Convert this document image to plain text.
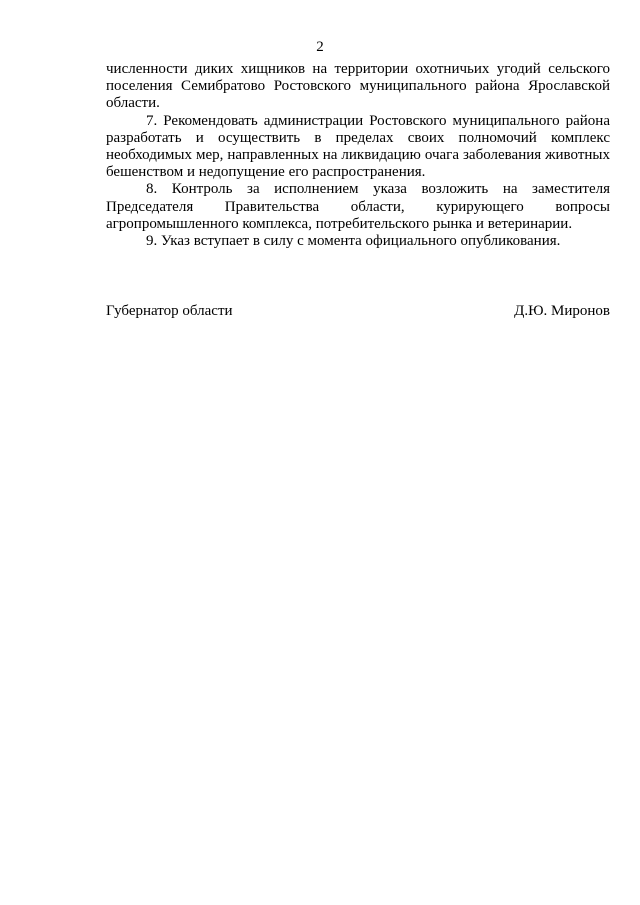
2

численности диких хищников на территории охотничьих угодий сельского поселения Семибратово Ростовского муниципального района Ярославской области.

7. Рекомендовать администрации Ростовского муниципального района разработать и осуществить в пределах своих полномочий комплекс необходимых мер, направленных на ликвидацию очага заболевания животных бешенством и недопущение его распространения.

8. Контроль за исполнением указа возложить на заместителя Председателя Правительства области, курирующего вопросы агропромышленного комплекса, потребительского рынка и ветеринарии.

9. Указ вступает в силу с момента официального опубликования.

Губернатор области	Д.Ю. Миронов
